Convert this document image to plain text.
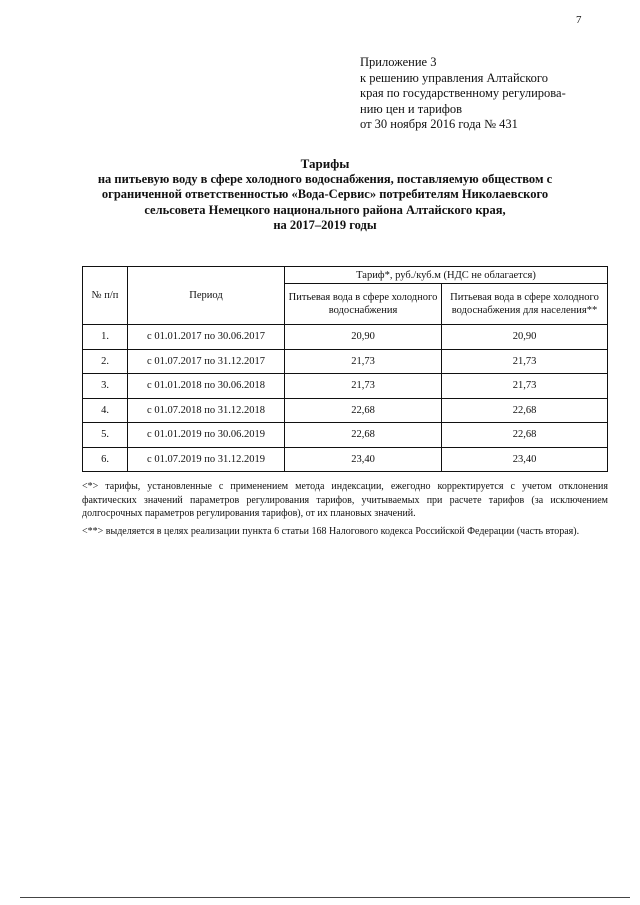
7
Приложение 3
к решению управления Алтайского
края по государственному регулирова-
нию цен и тарифов
от 30 ноября 2016 года № 431
Тарифы
на питьевую воду в сфере холодного водоснабжения, поставляемую обществом с
ограниченной ответственностью «Вода-Сервис» потребителям Николаевского
сельсовета Немецкого национального района Алтайского края,
на 2017–2019 годы
№ п/п	Период	Тариф*, руб./куб.м (НДС не облагается)	
		Питьевая вода в сфере холодного водоснабжения	Питьевая вода в сфере холодного водоснабжения для населения**
1.	с 01.01.2017 по 30.06.2017	20,90	20,90
2.	с 01.07.2017 по 31.12.2017	21,73	21,73
3.	с 01.01.2018 по 30.06.2018	21,73	21,73
4.	с 01.07.2018 по 31.12.2018	22,68	22,68
5.	с 01.01.2019 по 30.06.2019	22,68	22,68
6.	с 01.07.2019 по 31.12.2019	23,40	23,40

<*> тарифы, установленные с применением метода индексации, ежегодно корректируется с учетом отклонения фактических значений параметров регулирования тарифов, учитываемых при расчете тарифов (за исключением долгосрочных параметров регулирования тарифов), от их плановых значений.

<**> выделяется в целях реализации пункта 6 статьи 168 Налогового кодекса Российской Федерации (часть вторая).
